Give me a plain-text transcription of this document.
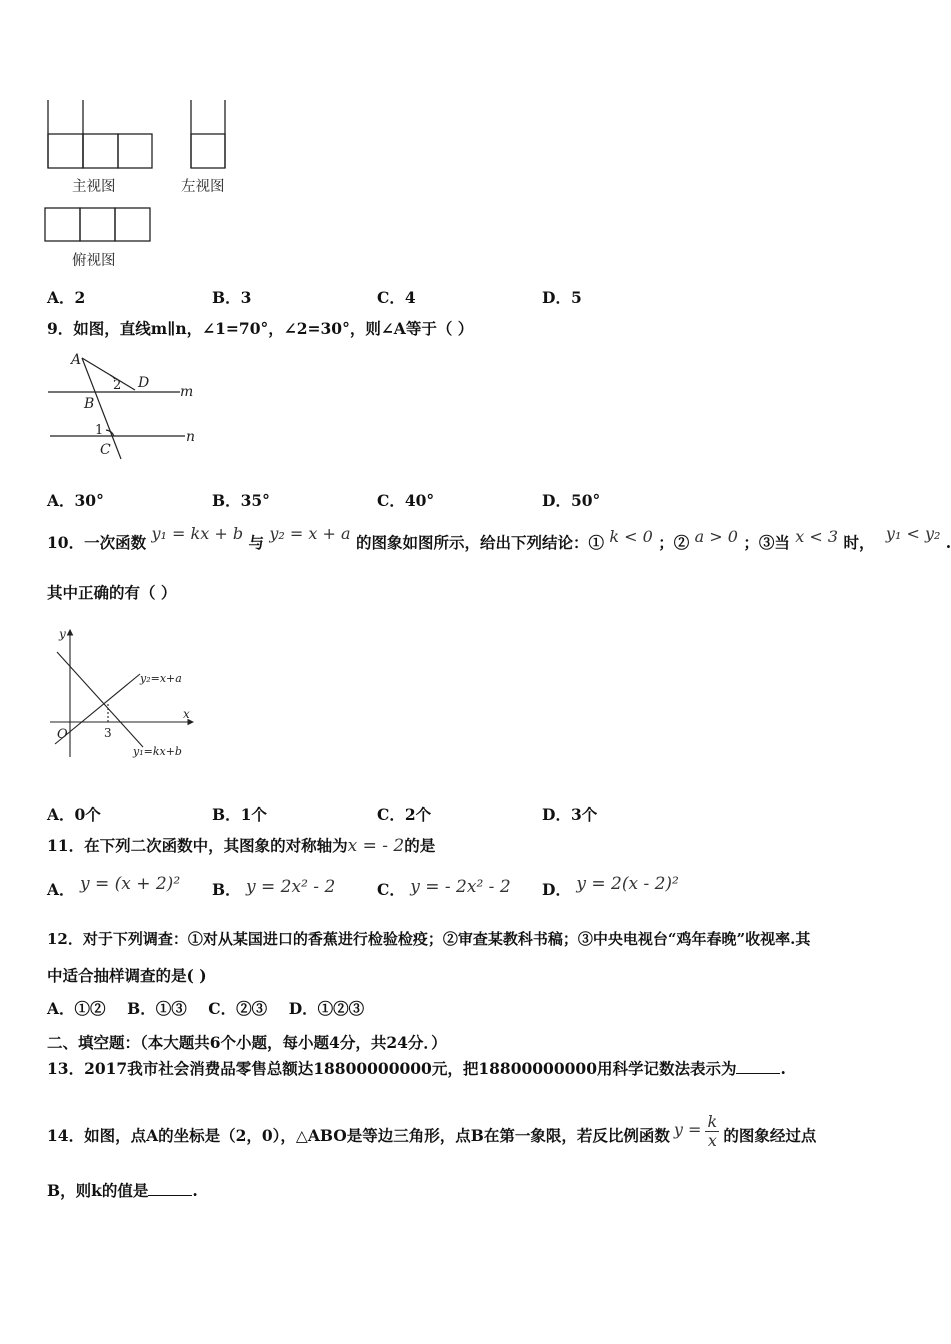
主视图	左视图
俯视图
A．2	B．3	C．4	D．5
9．如图，直线m∥n，∠1=70°，∠2=30°，则∠A等于（ ）
A
D
B
C
m
n
2
1
A．30°	B．35°	C．40°	D．50°
10．一次函数 y₁ = kx + b 与 y₂ = x + a 的图象如图所示，给出下列结论：① k < 0 ；② a > 0 ；③当 x < 3 时， y₁ < y₂ .
其中正确的有（ ）
y
x
O
y₂=x+a
y₁=kx+b
3
A．0个	B．1个	C．2个	D．3个
11．在下列二次函数中，其图象的对称轴为x = - 2的是
A． y = (x + 2)² B． y = 2x² - 2	C． y = - 2x² - 2 D． y = 2(x - 2)²
12．对于下列调查：①对从某国进口的香蕉进行检验检疫；②审查某教科书稿；③中央电视台“鸡年春晚”收视率.其
中适合抽样调查的是( )
A．①②    B．①③    C．②③    D．①②③
二、填空题：（本大题共6个小题，每小题4分，共24分．）
13．2017我市社会消费品零售总额达18800000000元，把18800000000用科学记数法表示为	.
14．如图，点A的坐标是（2，0），△ABO是等边三角形，点B在第一象限，若反比例函数 y = k
x 的图象经过点
B，则k的值是	.
